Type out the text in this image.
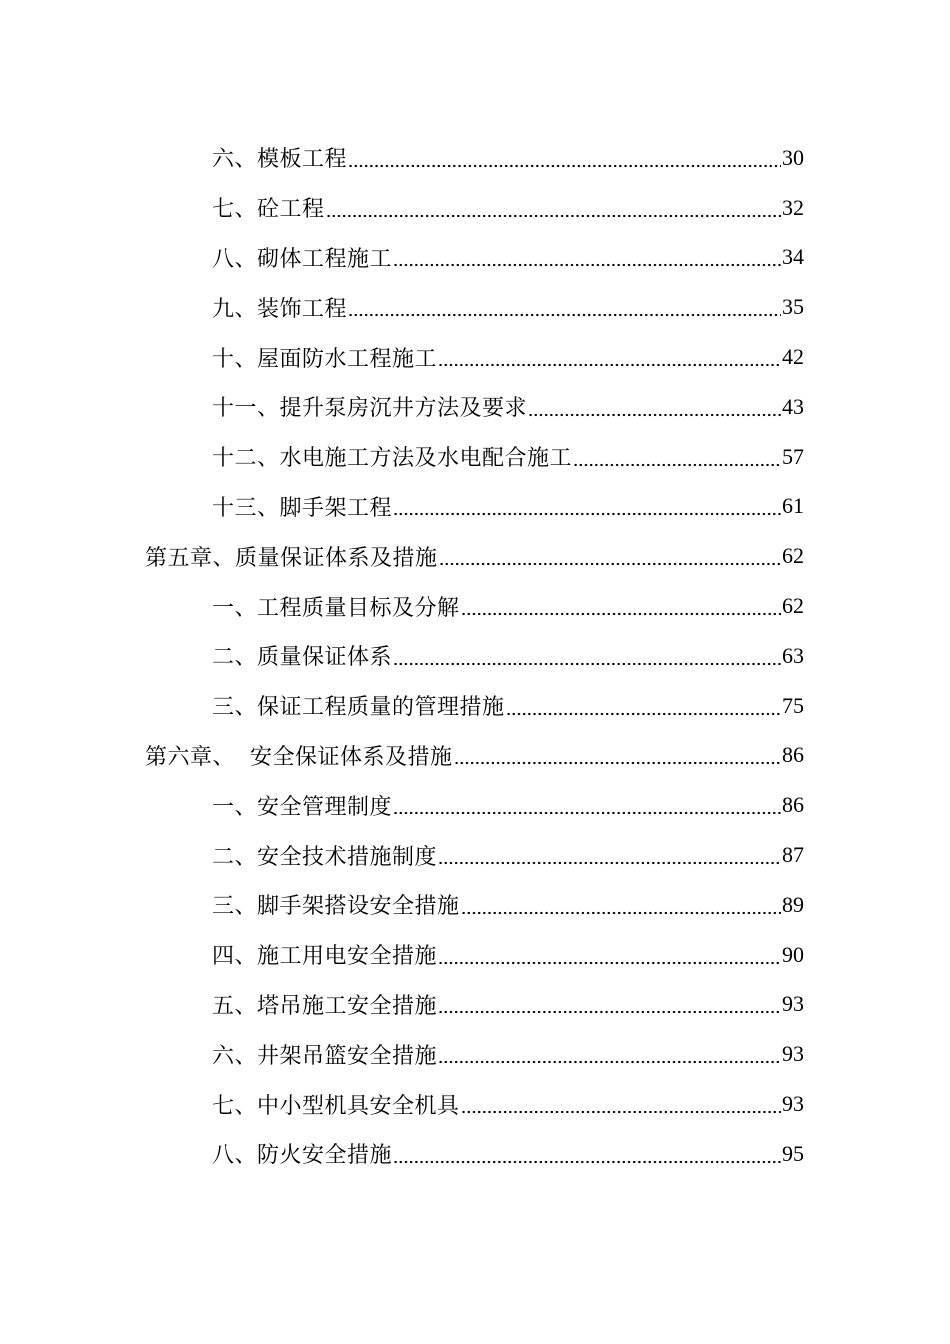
六、模板工程	30
七、砼工程	32
八、砌体工程施工	34
九、装饰工程	35
十、屋面防水工程施工	42
十一、提升泵房沉井方法及要求	43
十二、水电施工方法及水电配合施工	57
十三、脚手架工程	61
第五章、质量保证体系及措施	62
一、工程质量目标及分解	62
二、质量保证体系	63
三、保证工程质量的管理措施	75
第六章、  安全保证体系及措施	86
一、安全管理制度	86
二、安全技术措施制度	87
三、脚手架搭设安全措施	89
四、施工用电安全措施	90
五、塔吊施工安全措施	93
六、井架吊篮安全措施	93
七、中小型机具安全机具	93
八、防火安全措施	95
